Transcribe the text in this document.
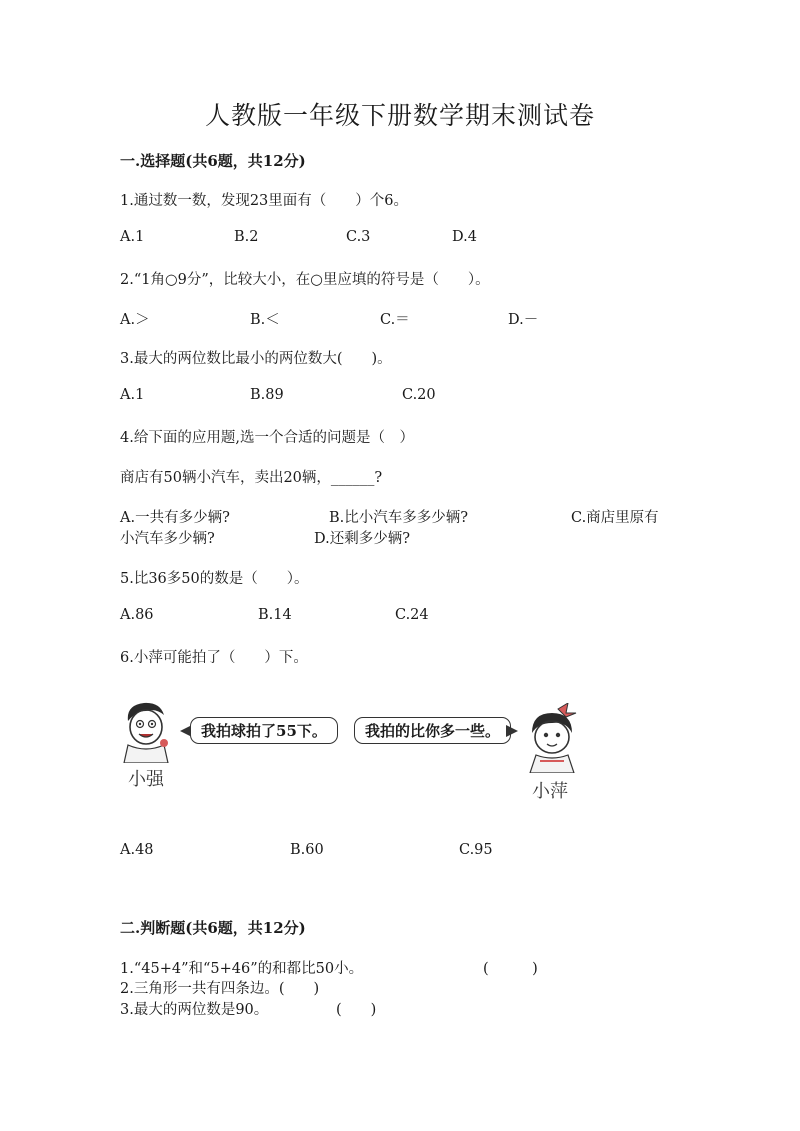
人教版一年级下册数学期末测试卷
一.选择题(共6题，共12分)
1.通过数一数，发现23里面有（　　）个6。
A.1	B.2	C.3	D.4
2.“1角○9分”，比较大小，在○里应填的符号是（　　）。
A.＞	B.＜	C.＝	D.－
3.最大的两位数比最小的两位数大(　　)。
A.1	B.89	C.20
4.给下面的应用题,选一个合适的问题是（　）
商店有50辆小汽车，卖出20辆，______?
A.一共有多少辆?	B.比小汽车多多少辆?	C.商店里原有
小汽车多少辆?	D.还剩多少辆?
5.比36多50的数是（　　）。
A.86	B.14	C.24
6.小萍可能拍了（　　）下。
小强
我拍球拍了55下。	我拍的比你多一些。
小萍
A.48	B.60	C.95
二.判断题(共6题，共12分)
1.“45+4”和“5+46”的和都比50小。	(　　　)
2.三角形一共有四条边。(　　)
3.最大的两位数是90。	(　　)
